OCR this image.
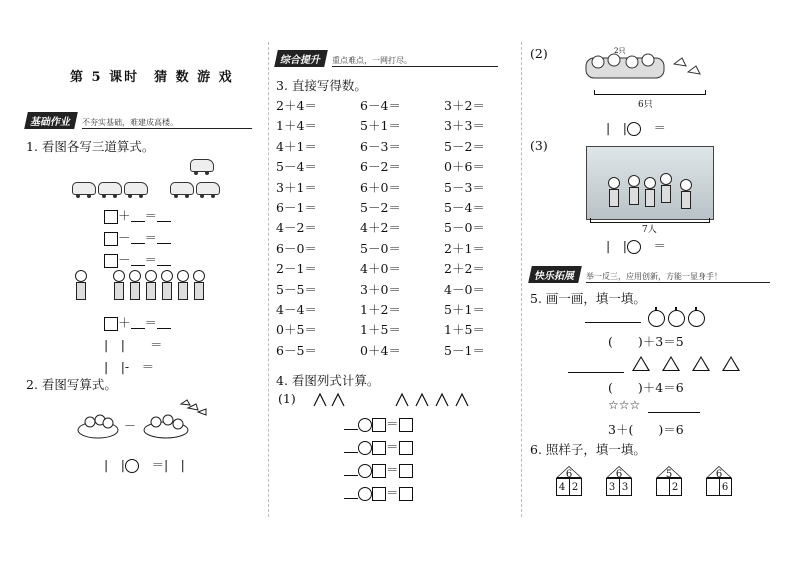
第 5 课时　猜 数 游 戏
基础作业	不夯实基础，难建成高楼。
1. 看图各写三道算式。
＋ ＝
－ ＝
－ ＝
＋ ＝
|　|　　＝
|　|-　＝
2. 看图写算式。
－
|　|　 ＝|　|
综合提升	重点难点，一网打尽。
3. 直接写得数。
2＋4＝	6－4＝	3＋2＝
1＋4＝	5＋1＝	3＋3＝
4＋1＝	6－3＝	5－2＝
5－4＝	6－2＝	0＋6＝
3＋1＝	6＋0＝	5－3＝
6－1＝	5－2＝	5－4＝
4－2＝	4＋2＝	5－0＝
6－0＝	5－0＝	2＋1＝
2－1＝	4＋0＝	2＋2＝
5－5＝	3＋0＝	4－0＝
4－4＝	1＋2＝	5＋1＝
0＋5＝	1＋5＝	1＋5＝
6－5＝	0＋4＝	5－1＝
4. 看图列式计算。
(1)
＝
＝
＝
＝
(2)	2只
6只
|　|　 ＝
(3)
7人
|　|　 ＝
快乐拓展	举一反三，应用创新，方能一显身手！
5. 画一画，填一填。
(　　)＋3＝5
(　　)＋4＝6
☆☆☆
3＋(　　)＝6
6. 照样子，填一填。
6
4 2
6
3 3
5
2
6
6
